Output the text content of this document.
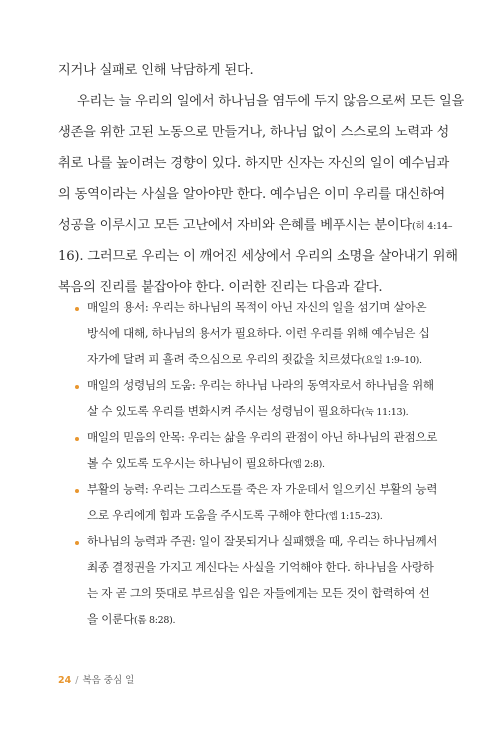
지거나 실패로 인해 낙담하게 된다.
우리는 늘 우리의 일에서 하나님을 염두에 두지 않음으로써 모든 일을
생존을 위한 고된 노동으로 만들거나, 하나님 없이 스스로의 노력과 성
취로 나를 높이려는 경향이 있다. 하지만 신자는 자신의 일이 예수님과
의 동역이라는 사실을 알아야만 한다. 예수님은 이미 우리를 대신하여
성공을 이루시고 모든 고난에서 자비와 은혜를 베푸시는 분이다(히 4:14–
16). 그러므로 우리는 이 깨어진 세상에서 우리의 소명을 살아내기 위해
복음의 진리를 붙잡아야 한다. 이러한 진리는 다음과 같다.
매일의 용서: 우리는 하나님의 목적이 아닌 자신의 일을 섬기며 살아온
방식에 대해, 하나님의 용서가 필요하다. 이런 우리를 위해 예수님은 십
자가에 달려 피 흘려 죽으심으로 우리의 죗값을 치르셨다(요일 1:9–10).
매일의 성령님의 도움: 우리는 하나님 나라의 동역자로서 하나님을 위해
살 수 있도록 우리를 변화시켜 주시는 성령님이 필요하다(눅 11:13).
매일의 믿음의 안목: 우리는 삶을 우리의 관점이 아닌 하나님의 관점으로
볼 수 있도록 도우시는 하나님이 필요하다(엡 2:8).
부활의 능력: 우리는 그리스도를 죽은 자 가운데서 일으키신 부활의 능력
으로 우리에게 힘과 도움을 주시도록 구해야 한다(엡 1:15–23).
하나님의 능력과 주권: 일이 잘못되거나 실패했을 때, 우리는 하나님께서
최종 결정권을 가지고 계신다는 사실을 기억해야 한다. 하나님을 사랑하
는 자 곧 그의 뜻대로 부르심을 입은 자들에게는 모든 것이 합력하여 선
을 이룬다(롬 8:28).
24 / 복음 중심 일
